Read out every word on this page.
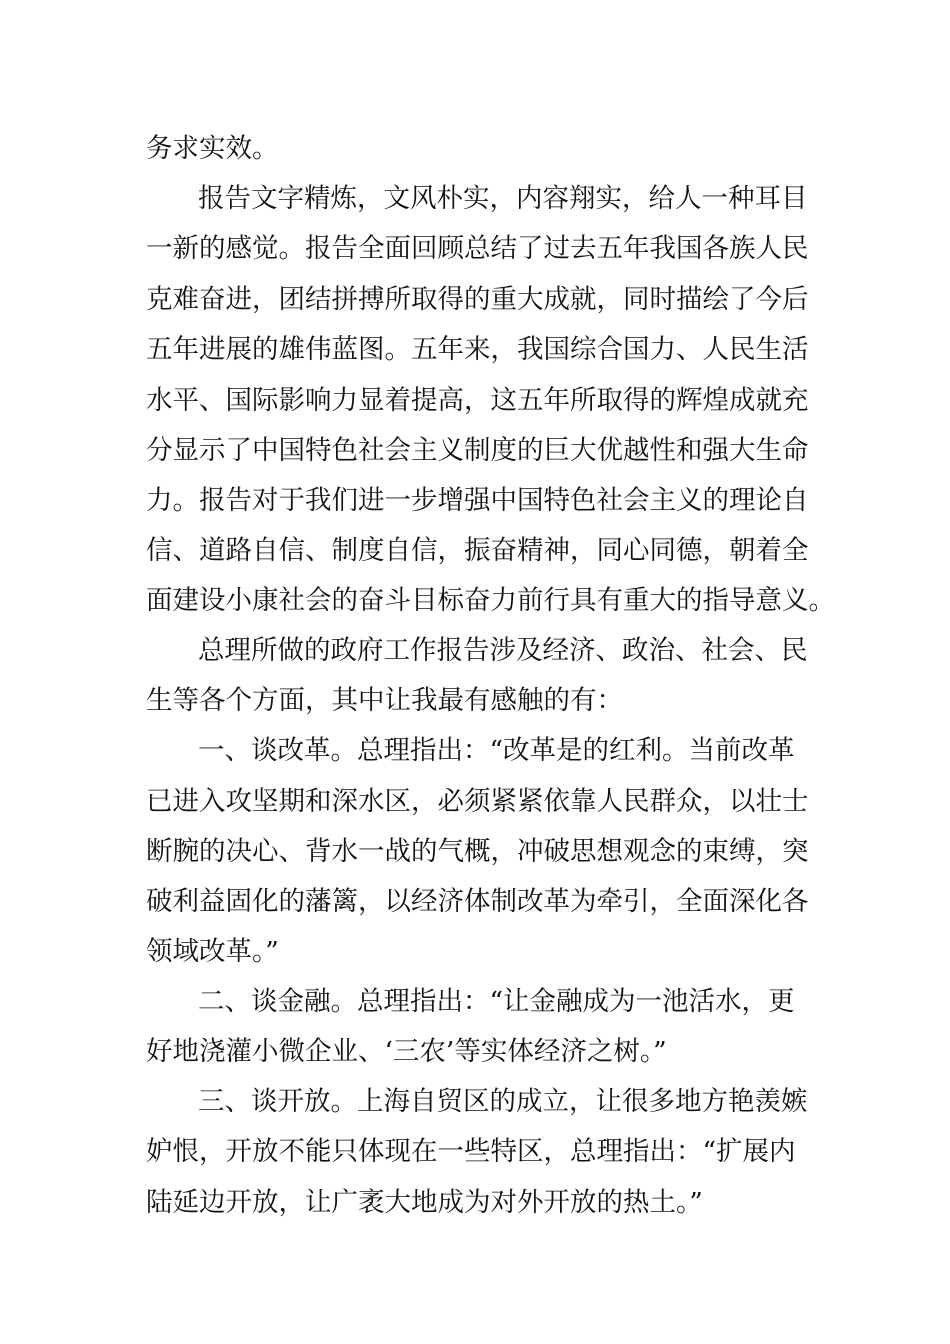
务求实效。
报告文字精炼，文风朴实，内容翔实，给人一种耳目
一新的感觉。报告全面回顾总结了过去五年我国各族人民
克难奋进，团结拼搏所取得的重大成就，同时描绘了今后
五年进展的雄伟蓝图。五年来，我国综合国力、人民生活
水平、国际影响力显着提高，这五年所取得的辉煌成就充
分显示了中国特色社会主义制度的巨大优越性和强大生命
力。报告对于我们进一步增强中国特色社会主义的理论自
信、道路自信、制度自信，振奋精神，同心同德，朝着全
面建设小康社会的奋斗目标奋力前行具有重大的指导意义。
总理所做的政府工作报告涉及经济、政治、社会、民
生等各个方面，其中让我最有感触的有：
一、谈改革。总理指出：“改革是的红利。当前改革
已进入攻坚期和深水区，必须紧紧依靠人民群众，以壮士
断腕的决心、背水一战的气概，冲破思想观念的束缚，突
破利益固化的藩篱，以经济体制改革为牵引，全面深化各
领域改革。”
二、谈金融。总理指出：“让金融成为一池活水，更
好地浇灌小微企业、‘三农’等实体经济之树。”
三、谈开放。上海自贸区的成立，让很多地方艳羡嫉
妒恨，开放不能只体现在一些特区，总理指出：“扩展内
陆延边开放，让广袤大地成为对外开放的热土。”
